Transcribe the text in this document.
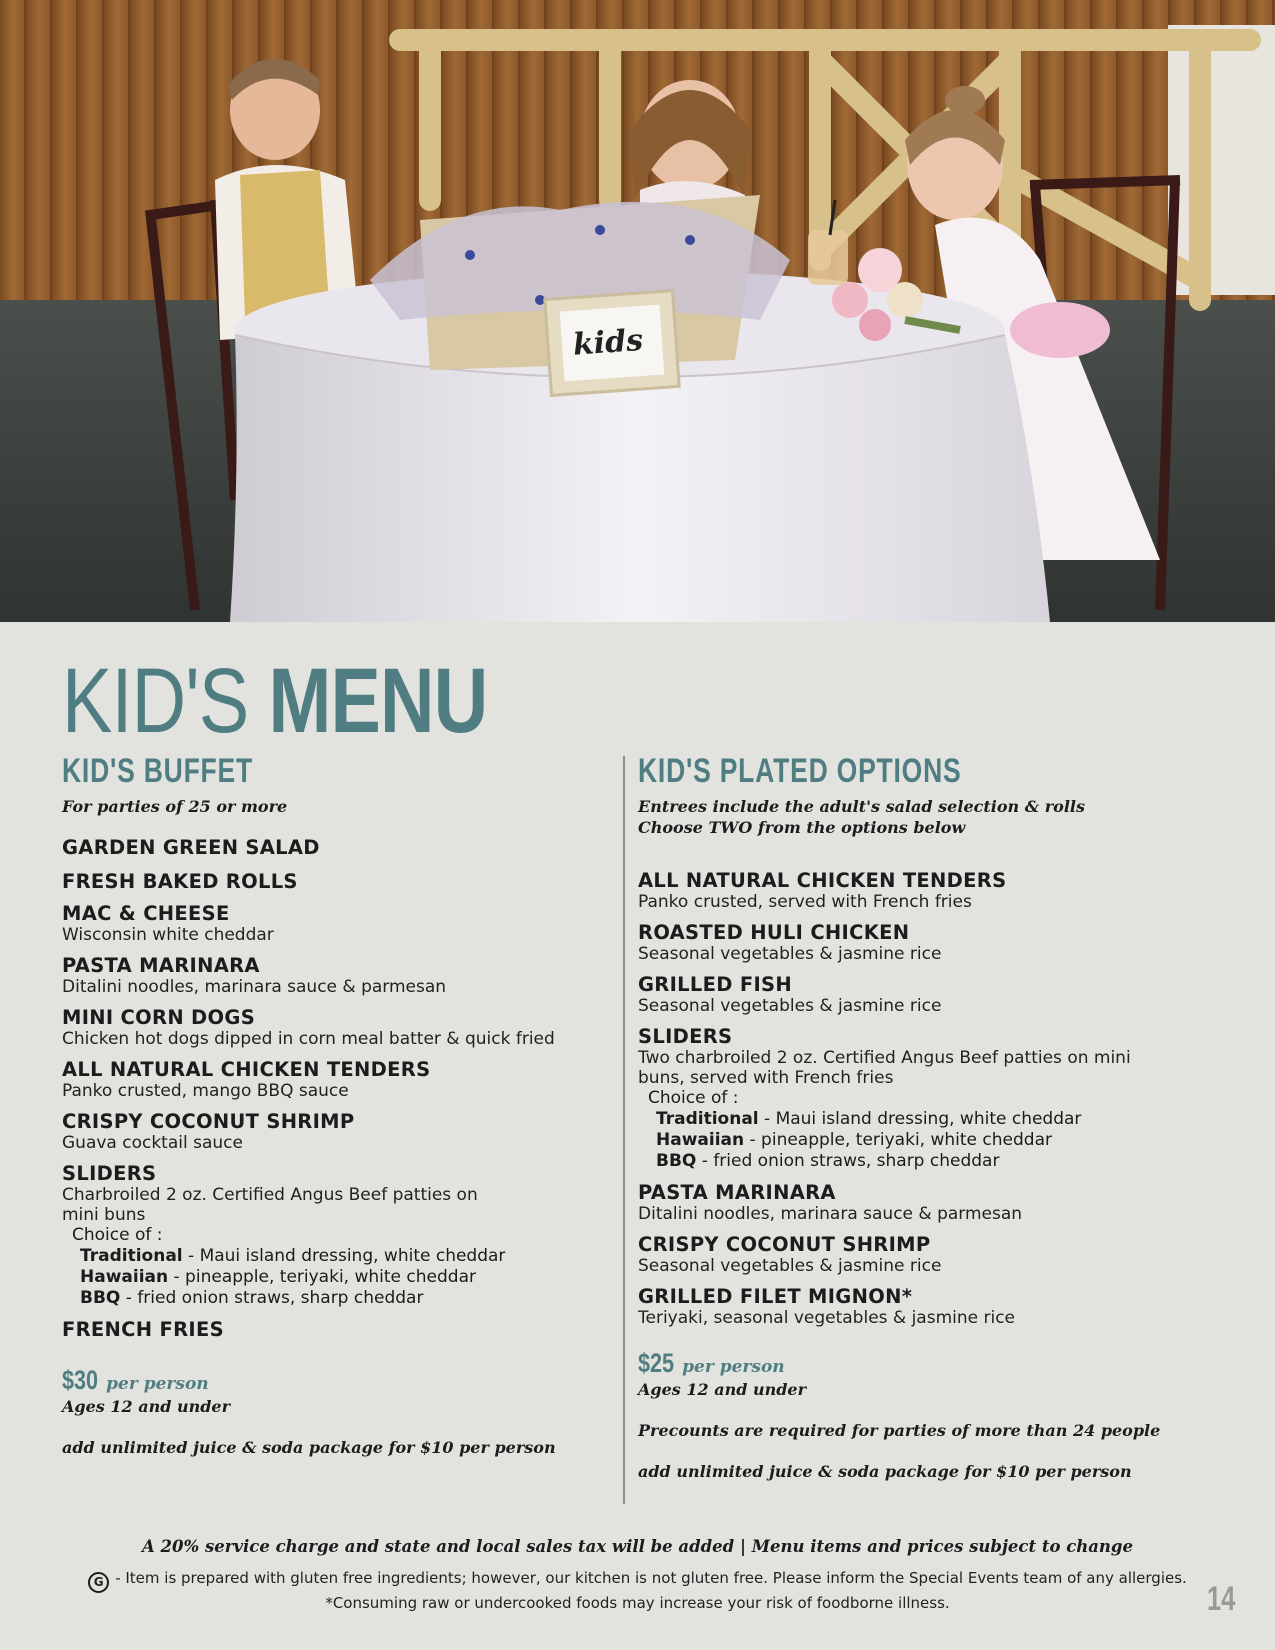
kids
KID'S MENU
KID'S BUFFET
For parties of 25 or more
GARDEN GREEN SALAD
FRESH BAKED ROLLS
MAC & CHEESE
Wisconsin white cheddar
PASTA MARINARA
Ditalini noodles, marinara sauce & parmesan
MINI CORN DOGS
Chicken hot dogs dipped in corn meal batter & quick fried
ALL NATURAL CHICKEN TENDERS
Panko crusted, mango BBQ sauce
CRISPY COCONUT SHRIMP
Guava cocktail sauce
SLIDERS
Charbroiled 2 oz. Certified Angus Beef patties on
mini buns
Choice of :
Traditional - Maui island dressing, white cheddar
Hawaiian - pineapple, teriyaki, white cheddar
BBQ - fried onion straws, sharp cheddar
FRENCH FRIES
$30 per person
Ages 12 and under
add unlimited juice & soda package for $10 per person
KID'S PLATED OPTIONS
Entrees include the adult's salad selection & rolls
Choose TWO from the options below
ALL NATURAL CHICKEN TENDERS
Panko crusted, served with French fries
ROASTED HULI CHICKEN
Seasonal vegetables & jasmine rice
GRILLED FISH
Seasonal vegetables & jasmine rice
SLIDERS
Two charbroiled 2 oz. Certified Angus Beef patties on mini
buns, served with French fries
Choice of :
Traditional - Maui island dressing, white cheddar
Hawaiian - pineapple, teriyaki, white cheddar
BBQ - fried onion straws, sharp cheddar
PASTA MARINARA
Ditalini noodles, marinara sauce & parmesan
CRISPY COCONUT SHRIMP
Seasonal vegetables & jasmine rice
GRILLED FILET MIGNON*
Teriyaki, seasonal vegetables & jasmine rice
$25 per person
Ages 12 and under
Precounts are required for parties of more than 24 people
add unlimited juice & soda package for $10 per person
A 20% service charge and state and local sales tax will be added | Menu items and prices subject to change
G - Item is prepared with gluten free ingredients; however, our kitchen is not gluten free. Please inform the Special Events team of any allergies.
*Consuming raw or undercooked foods may increase your risk of foodborne illness.	14
